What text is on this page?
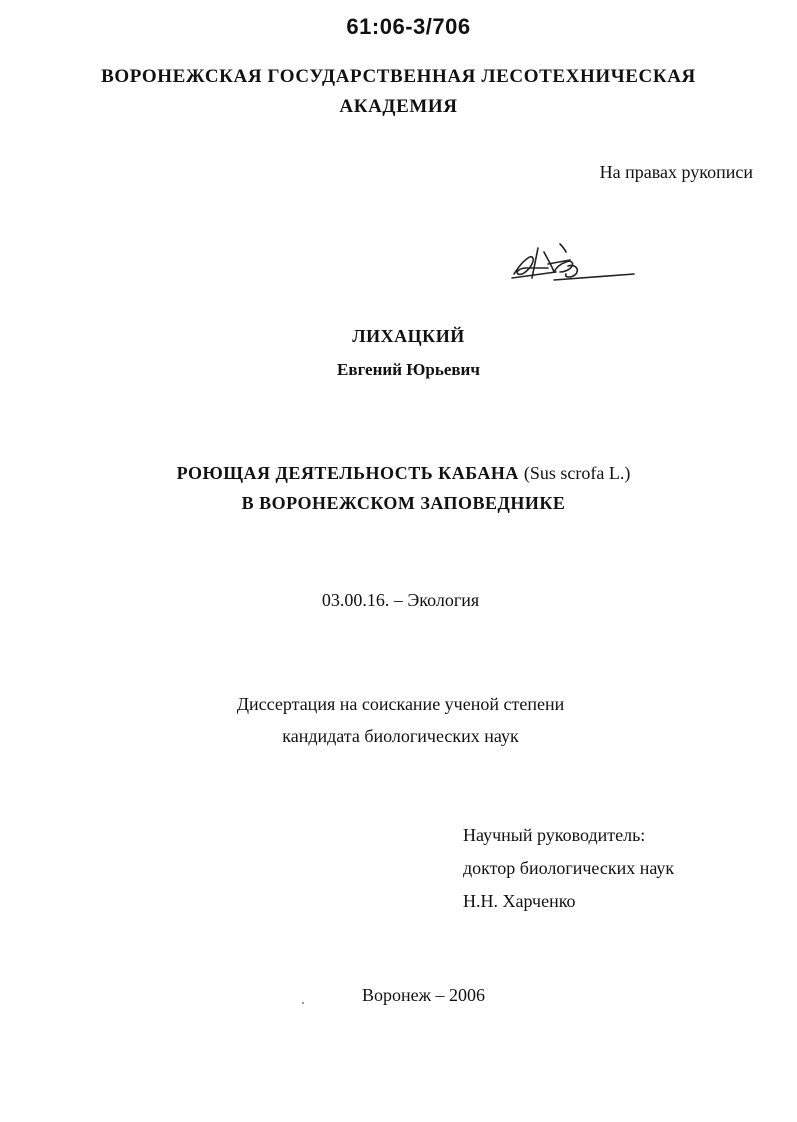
61:06-3/706
ВОРОНЕЖСКАЯ ГОСУДАРСТВЕННАЯ ЛЕСОТЕХНИЧЕСКАЯ
АКАДЕМИЯ
На правах рукописи
ЛИХАЦКИЙ
Евгений Юрьевич
РОЮЩАЯ ДЕЯТЕЛЬНОСТЬ КАБАНА (Sus scrofa L.)
В ВОРОНЕЖСКОМ ЗАПОВЕДНИКЕ
03.00.16. – Экология
Диссертация на соискание ученой степени
кандидата биологических наук
Научный руководитель:
доктор биологических наук
Н.Н. Харченко
Воронеж – 2006
